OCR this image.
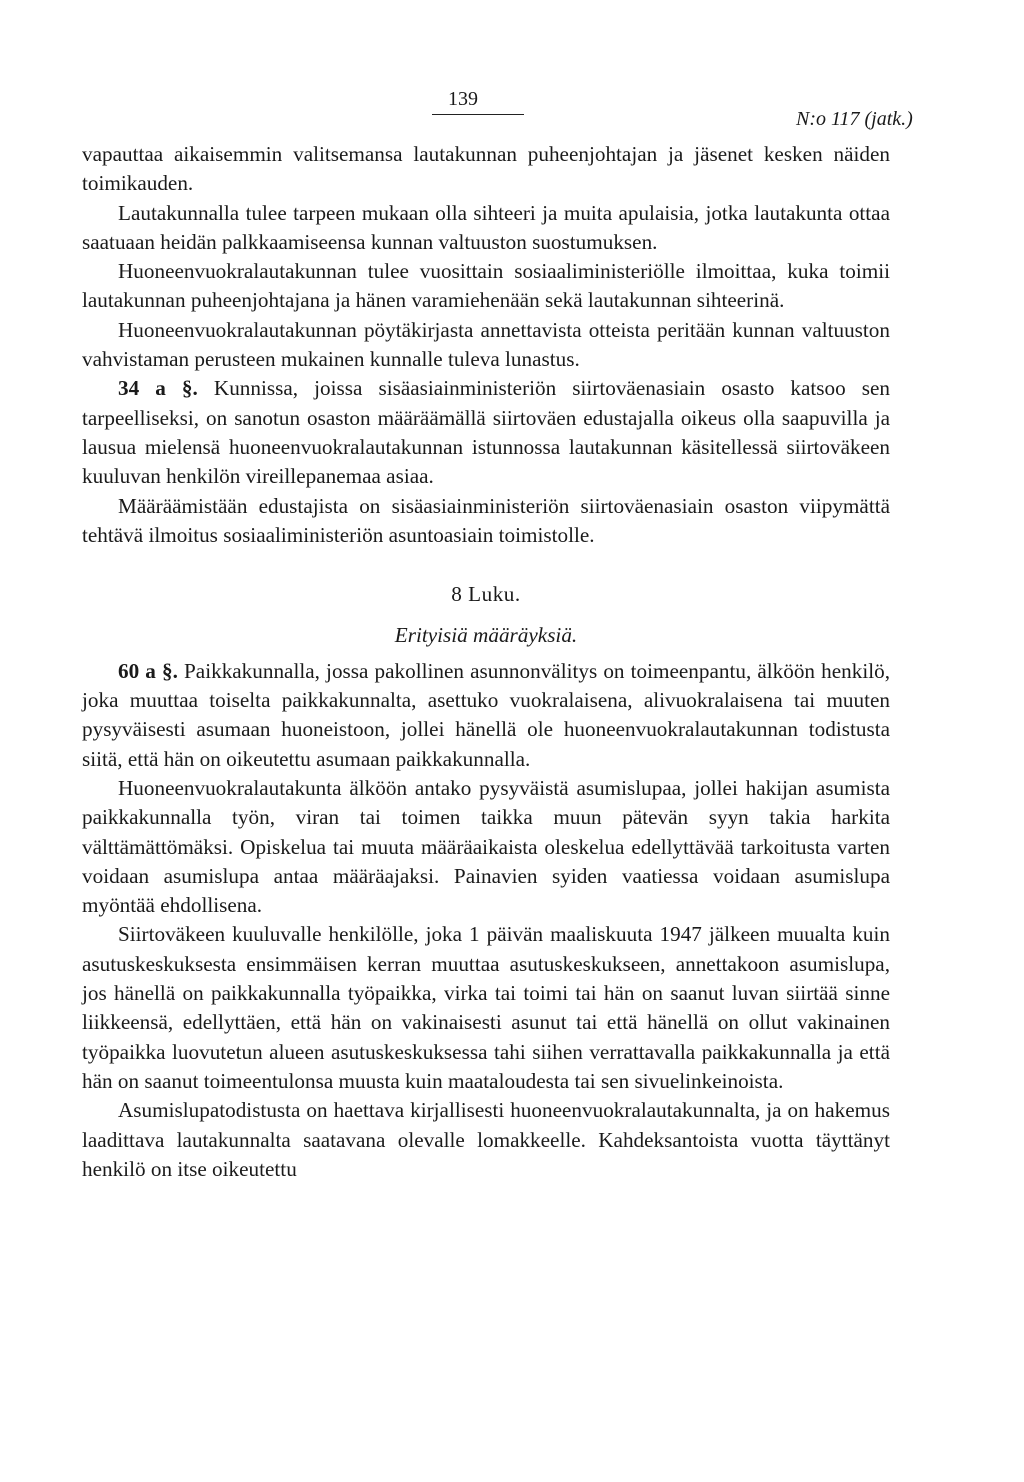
139
N:o 117 (jatk.)

vapauttaa aikaisemmin valitsemansa lautakunnan puheenjohtajan ja jäsenet kesken näiden toimikauden.

Lautakunnalla tulee tarpeen mukaan olla sihteeri ja muita apulaisia, jotka lautakunta ottaa saatuaan heidän palkkaamiseensa kunnan valtuuston suostumuksen.

Huoneenvuokralautakunnan tulee vuosittain sosiaaliministeriölle ilmoittaa, kuka toimii lautakunnan puheenjohtajana ja hänen varamiehenään sekä lautakunnan sihteerinä.

Huoneenvuokralautakunnan pöytäkirjasta annettavista otteista peritään kunnan valtuuston vahvistaman perusteen mukainen kunnalle tuleva lunastus.

34 a §. Kunnissa, joissa sisäasiainministeriön siirtoväenasiain osasto katsoo sen tarpeelliseksi, on sanotun osaston määräämällä siirtoväen edustajalla oikeus olla saapuvilla ja lausua mielensä huoneenvuokralautakunnan istunnossa lautakunnan käsitellessä siirtoväkeen kuuluvan henkilön vireillepanemaa asiaa.

Määräämistään edustajista on sisäasiainministeriön siirtoväenasiain osaston viipymättä tehtävä ilmoitus sosiaaliministeriön asuntoasiain toimistolle.

8 Luku.

Erityisiä määräyksiä.

60 a §. Paikkakunnalla, jossa pakollinen asunnonvälitys on toimeenpantu, älköön henkilö, joka muuttaa toiselta paikkakunnalta, asettuko vuokralaisena, alivuokralaisena tai muuten pysyväisesti asumaan huoneistoon, jollei hänellä ole huoneenvuokralautakunnan todistusta siitä, että hän on oikeutettu asumaan paikkakunnalla.

Huoneenvuokralautakunta älköön antako pysyväistä asumislupaa, jollei hakijan asumista paikkakunnalla työn, viran tai toimen taikka muun pätevän syyn takia harkita välttämättömäksi. Opiskelua tai muuta määräaikaista oleskelua edellyttävää tarkoitusta varten voidaan asumislupa antaa määräajaksi. Painavien syiden vaatiessa voidaan asumislupa myöntää ehdollisena.

Siirtoväkeen kuuluvalle henkilölle, joka 1 päivän maaliskuuta 1947 jälkeen muualta kuin asutuskeskuksesta ensimmäisen kerran muuttaa asutuskeskukseen, annettakoon asumislupa, jos hänellä on paikkakunnalla työpaikka, virka tai toimi tai hän on saanut luvan siirtää sinne liikkeensä, edellyttäen, että hän on vakinaisesti asunut tai että hänellä on ollut vakinainen työpaikka luovutetun alueen asutuskeskuksessa tahi siihen verrattavalla paikkakunnalla ja että hän on saanut toimeentulonsa muusta kuin maataloudesta tai sen sivuelinkeinoista.

Asumislupatodistusta on haettava kirjallisesti huoneenvuokralautakunnalta, ja on hakemus laadittava lautakunnalta saatavana olevalle lomakkeelle. Kahdeksantoista vuotta täyttänyt henkilö on itse oikeutettu
